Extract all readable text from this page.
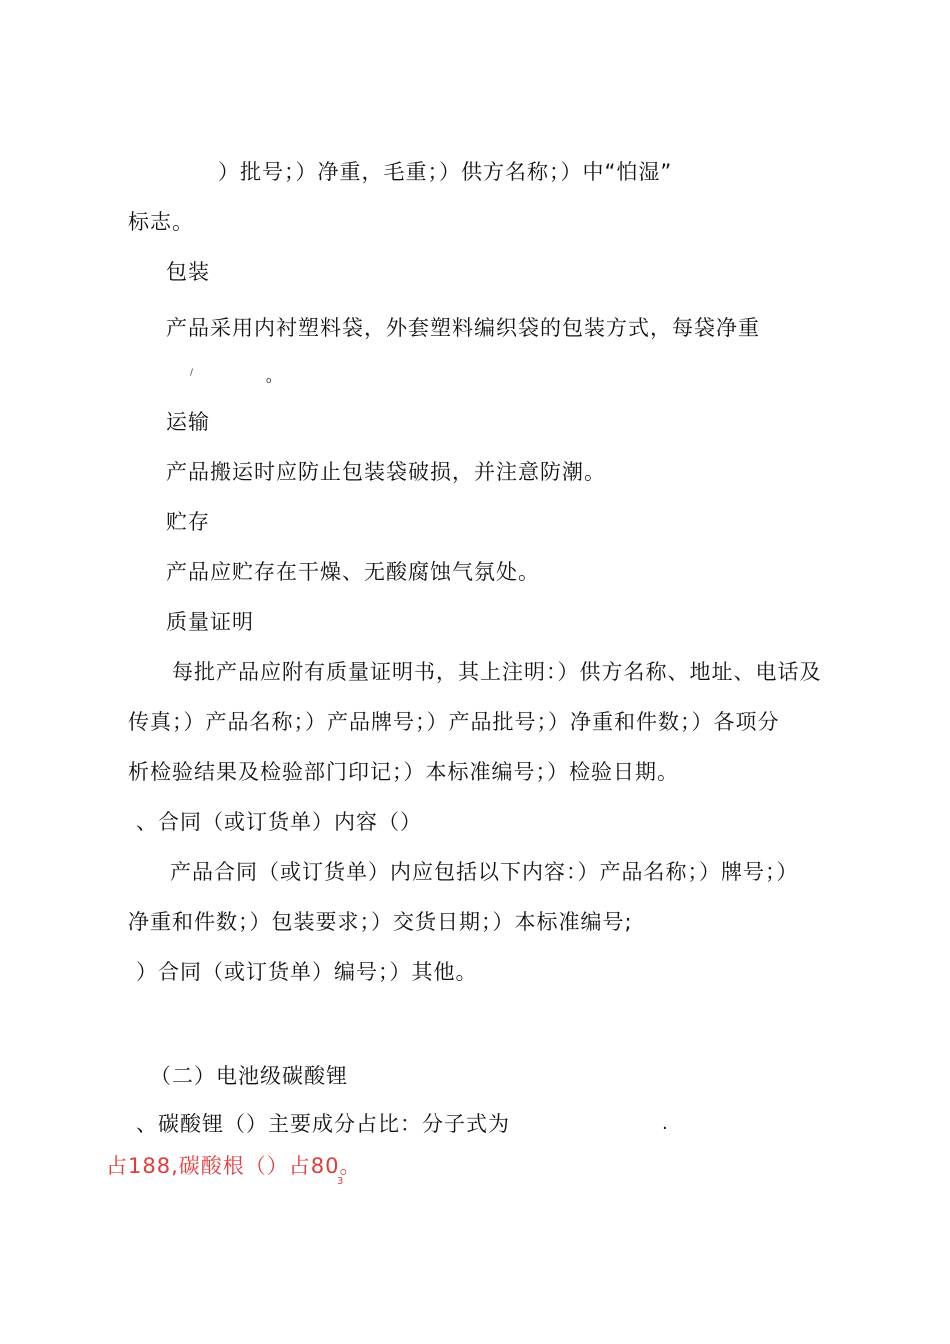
）批号；）净重，毛重；）供方名称；）中“怕湿”
标志。
包装
产品采用内衬塑料袋，外套塑料编织袋的包装方式，每袋净重
/
o
运输
产品搬运时应防止包装袋破损，并注意防潮。
贮存
产品应贮存在干燥、无酸腐蚀气氛处。
质量证明
每批产品应附有质量证明书，其上注明：）供方名称、地址、电话及
传真；）产品名称；）产品牌号；）产品批号；）净重和件数；）各项分
析检验结果及检验部门印记；）本标准编号；）检验日期。
、合同（或订货单）内容（）
产品合同（或订货单）内应包括以下内容：）产品名称；）牌号；）
净重和件数；）包装要求；）交货日期；）本标准编号;
）合同（或订货单）编号；）其他。
（二）电池级碳酸锂
、碳酸锂（）主要成分占比：分子式为	.
占188,碳酸根（）占80。
3
